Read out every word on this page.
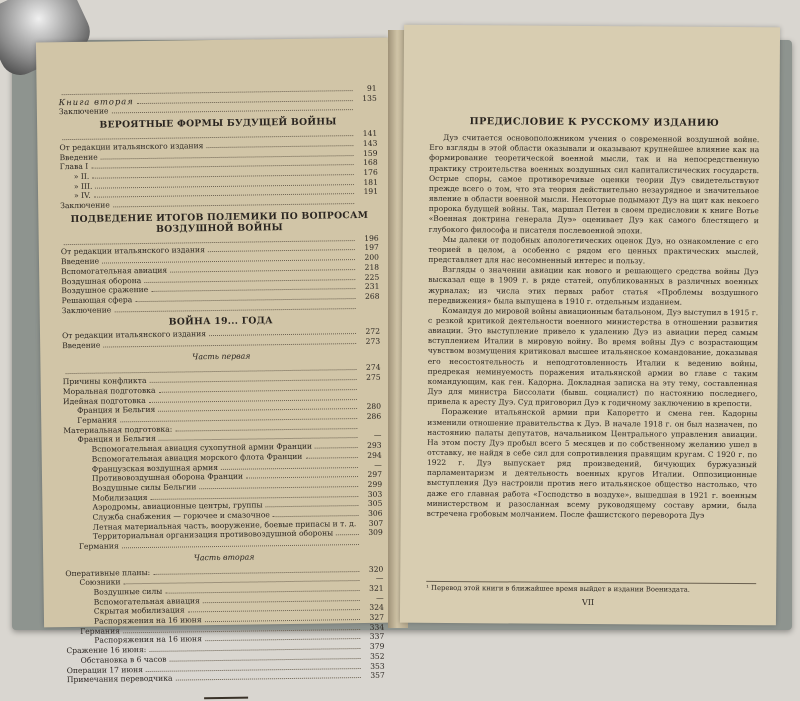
91
Книга вторая	135
Заключение
ВЕРОЯТНЫЕ ФОРМЫ БУДУЩЕЙ ВОЙНЫ
141
От редакции итальянского издания	143
Введение	159
Глава I	168
» II.	176
» III.	181
» IV.	191
Заключение
ПОДВЕДЕНИЕ ИТОГОВ ПОЛЕМИКИ ПО ВОПРОСАМ ВОЗДУШНОЙ ВОЙНЫ
196
От редакции итальянского издания	197
Введение	200
Вспомогательная авиация	218
Воздушная оборона	225
Воздушное сражение	231
Решающая сфера	268
Заключение
ВОЙНА 19... ГОДА
От редакции итальянского издания	272
Введение	273
Часть первая
274
Причины конфликта	275
Моральная подготовка
Идейная подготовка
Франция и Бельгия	280
Германия	286
Материальная подготовка:
Франция и Бельгия	—
Вспомогательная авиация сухопутной армии Франции	293
Вспомогательная авиация морского флота Франции	294
Французская воздушная армия	—
Противовоздушная оборона Франции	297
Воздушные силы Бельгии	299
Мобилизация	303
Аэродромы, авиационные центры, группы	305
Служба снабжения — горючее и смазочное	306
Летная материальная часть, вооружение, боевые припасы и т. д.	307
Территориальная организация противовоздушной обороны	309
Германия
Часть вторая
Оперативные планы:	320
Союзники	—
Воздушные силы	321
Вспомогательная авиация	—
Скрытая мобилизация	324
Распоряжения на 16 июня	327
Германия	334
Распоряжения на 16 июня	337
Сражение 16 июня:	379
Обстановка в 6 часов	352
Операции 17 июня	353
Примечания переводчика	357
ПРЕДИСЛОВИЕ К РУССКОМУ ИЗДАНИЮ

Дуэ считается основоположником учения о современной воздушной войне. Его взгляды в этой области оказывали и оказывают крупнейшее влияние как на формирование теоретической военной мысли, так и на непосредственную практику строительства военных воздушных сил капиталистических государств. Острые споры, самое противоречивые оценки теории Дуэ свидетельствуют прежде всего о том, что эта теория действительно незаурядное и значительное явление в области военной мысли. Некоторые подымают Дуэ на щит как некоего пророка будущей войны. Так, маршал Петен в своем предисловии к книге Вотье «Военная доктрина генерала Дуэ» оценивает Дуэ как самого блестящего и глубокого философа и писателя послевоенной эпохи.

Мы далеки от подобных апологетических оценок Дуэ, но ознакомление с его теорией в целом, а особенно с рядом его ценных практических мыслей, представляет для нас несомненный интерес и пользу.

Взгляды о значении авиации как нового и решающего средства войны Дуэ высказал еще в 1909 г. в ряде статей, опубликованных в различных военных журналах; из числа этих первых работ статья «Проблемы воздушного передвижения» была выпущена в 1910 г. отдельным изданием.

Командуя до мировой войны авиационным батальоном, Дуэ выступил в 1915 г. с резкой критикой деятельности военного министерства в отношении развития авиации. Это выступление привело к удалению Дуэ из авиации перед самым вступлением Италии в мировую войну. Во время войны Дуэ с возрастающим чувством возмущения критиковал высшее итальянское командование, доказывая его несостоятельность и неподготовленность Италии к ведению войны, предрекая неминуемость поражения итальянской армии во главе с таким командующим, как ген. Кадорна. Докладная записка на эту тему, составленная Дуэ для министра Биссолати (бывш. социалист) по настоянию последнего, привела к аресту Дуэ. Суд приговорил Дуэ к годичному заключению в крепости.

Поражение итальянской армии при Капоретто и смена ген. Кадорны изменили отношение правительства к Дуэ. В начале 1918 г. он был назначен, по настоянию палаты депутатов, начальником Центрального управления авиации. На этом посту Дуэ пробыл всего 5 месяцев и по собственному желанию ушел в отставку, не найдя в себе сил для сопротивления правящим кругам. С 1920 г. по 1922 г. Дуэ выпускает ряд произведений, бичующих буржуазный парламентаризм и деятельность военных кругов Италии. Оппозиционные выступления Дуэ настроили против него итальянское общество настолько, что даже его главная работа «Господство в воздухе», вышедшая в 1921 г. военным министерством и разосланная всему руководящему составу армии, была встречена гробовым молчанием. После фашистского переворота Дуэ

¹ Перевод этой книги в ближайшее время выйдет в издании Воениздата.
VII
